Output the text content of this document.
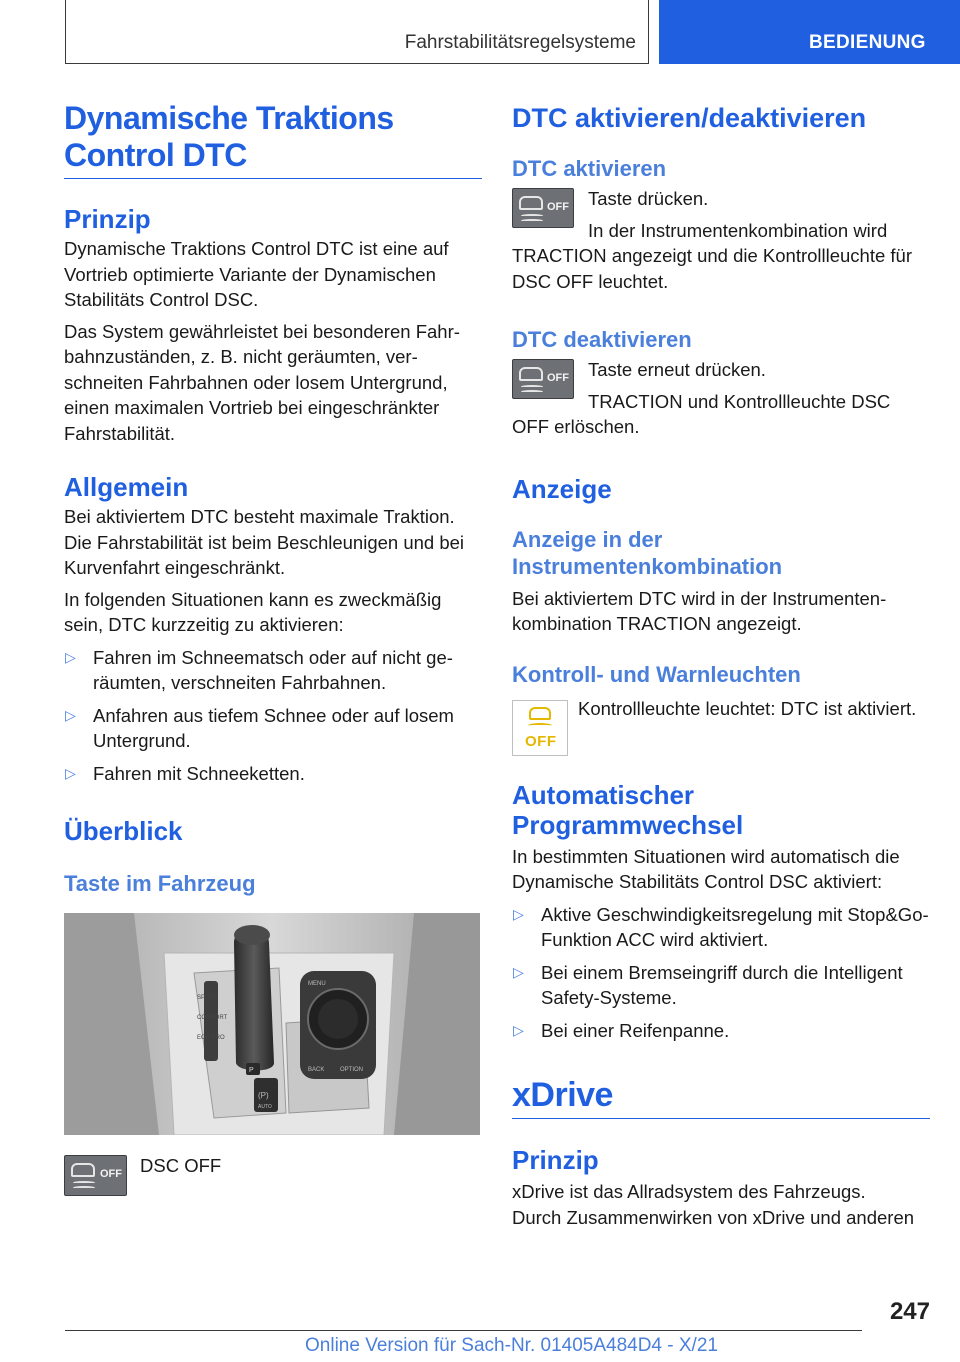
Fahrstabilitätsregelsysteme	BEDIENUNG
Dynamische Traktions
Control DTC
Prinzip
Dynamische Traktions Control DTC ist eine auf Vortrieb optimierte Variante der Dynamischen Stabilitäts Control DSC.
Das System gewährleistet bei besonderen Fahrbahnzuständen, z. B. nicht geräumten, verschneiten Fahrbahnen oder losem Untergrund, einen maximalen Vortrieb bei eingeschränkter Fahrstabilität.
Allgemein
Bei aktiviertem DTC besteht maximale Traktion. Die Fahrstabilität ist beim Beschleunigen und bei Kurvenfahrt eingeschränkt.
In folgenden Situationen kann es zweckmäßig sein, DTC kurzzeitig zu aktivieren:
▷ Fahren im Schneematsch oder auf nicht geräumten, verschneiten Fahrbahnen.
▷ Anfahren aus tiefem Schnee oder auf losem Untergrund.
▷ Fahren mit Schneeketten.
Überblick
Taste im Fahrzeug
SPORT
COMFORT
ECO PRO
P
(P)
AUTO
MENU
BACK	OPTION
OFF DSC OFF
DTC aktivieren/deaktivieren
DTC aktivieren
OFF Taste drücken.
In der Instrumentenkombination wird
TRACTION angezeigt und die Kontrollleuchte für DSC OFF leuchtet.
DTC deaktivieren
OFF Taste erneut drücken.
TRACTION und Kontrollleuchte DSC
OFF erlöschen.
Anzeige
Anzeige in der Instrumentenkombination
Bei aktiviertem DTC wird in der Instrumentenkombination TRACTION angezeigt.
Kontroll- und Warnleuchten
OFF
Kontrollleuchte leuchtet: DTC ist aktiviert.
Automatischer Programmwechsel
In bestimmten Situationen wird automatisch die Dynamische Stabilitäts Control DSC aktiviert:
▷ Aktive Geschwindigkeitsregelung mit Stop&Go-Funktion ACC wird aktiviert.
▷ Bei einem Bremseingriff durch die Intelligent Safety-Systeme.
▷ Bei einer Reifenpanne.
xDrive
Prinzip
xDrive ist das Allradsystem des Fahrzeugs.
Durch Zusammenwirken von xDrive und anderen
247
Online Version für Sach-Nr. 01405A484D4 - X/21
